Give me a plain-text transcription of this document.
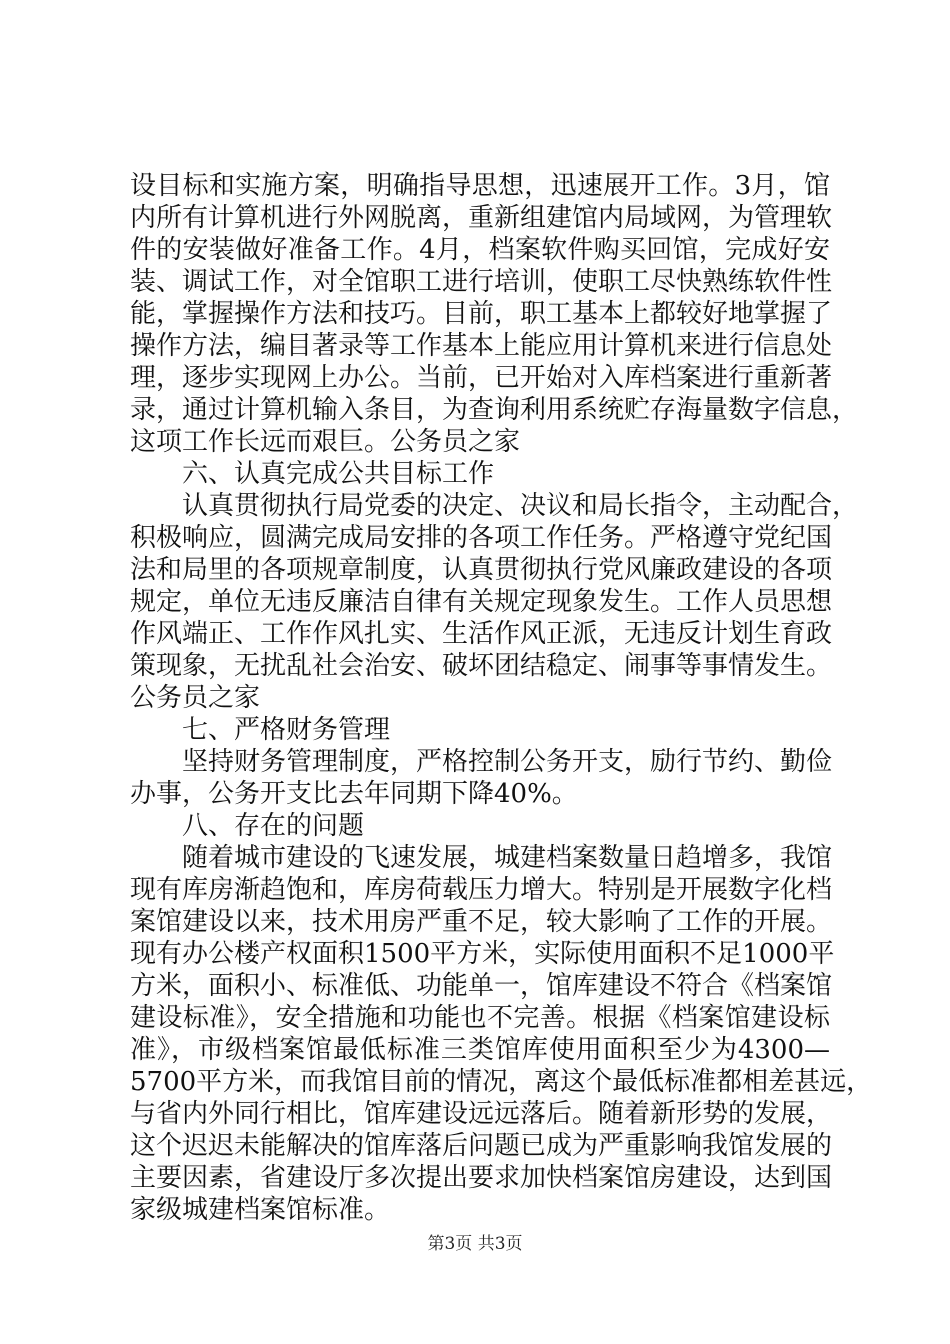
设目标和实施方案，明确指导思想，迅速展开工作。3月，馆
内所有计算机进行外网脱离，重新组建馆内局域网，为管理软
件的安装做好准备工作。4月，档案软件购买回馆，完成好安
装、调试工作，对全馆职工进行培训，使职工尽快熟练软件性
能，掌握操作方法和技巧。目前，职工基本上都较好地掌握了
操作方法，编目著录等工作基本上能应用计算机来进行信息处
理，逐步实现网上办公。当前，已开始对入库档案进行重新著
录，通过计算机输入条目，为查询利用系统贮存海量数字信息，
这项工作长远而艰巨。公务员之家
六、认真完成公共目标工作
认真贯彻执行局党委的决定、决议和局长指令，主动配合，
积极响应，圆满完成局安排的各项工作任务。严格遵守党纪国
法和局里的各项规章制度，认真贯彻执行党风廉政建设的各项
规定，单位无违反廉洁自律有关规定现象发生。工作人员思想
作风端正、工作作风扎实、生活作风正派，无违反计划生育政
策现象，无扰乱社会治安、破坏团结稳定、闹事等事情发生。
公务员之家
七、严格财务管理
坚持财务管理制度，严格控制公务开支，励行节约、勤俭
办事，公务开支比去年同期下降40%。
八、存在的问题
随着城市建设的飞速发展，城建档案数量日趋增多，我馆
现有库房渐趋饱和，库房荷载压力增大。特别是开展数字化档
案馆建设以来，技术用房严重不足，较大影响了工作的开展。
现有办公楼产权面积1500平方米，实际使用面积不足1000平
方米，面积小、标准低、功能单一，馆库建设不符合《档案馆
建设标准》，安全措施和功能也不完善。根据《档案馆建设标
准》，市级档案馆最低标准三类馆库使用面积至少为4300—
5700平方米，而我馆目前的情况，离这个最低标准都相差甚远，
与省内外同行相比，馆库建设远远落后。随着新形势的发展，
这个迟迟未能解决的馆库落后问题已成为严重影响我馆发展的
主要因素，省建设厅多次提出要求加快档案馆房建设，达到国
家级城建档案馆标准。
第3页 共3页
